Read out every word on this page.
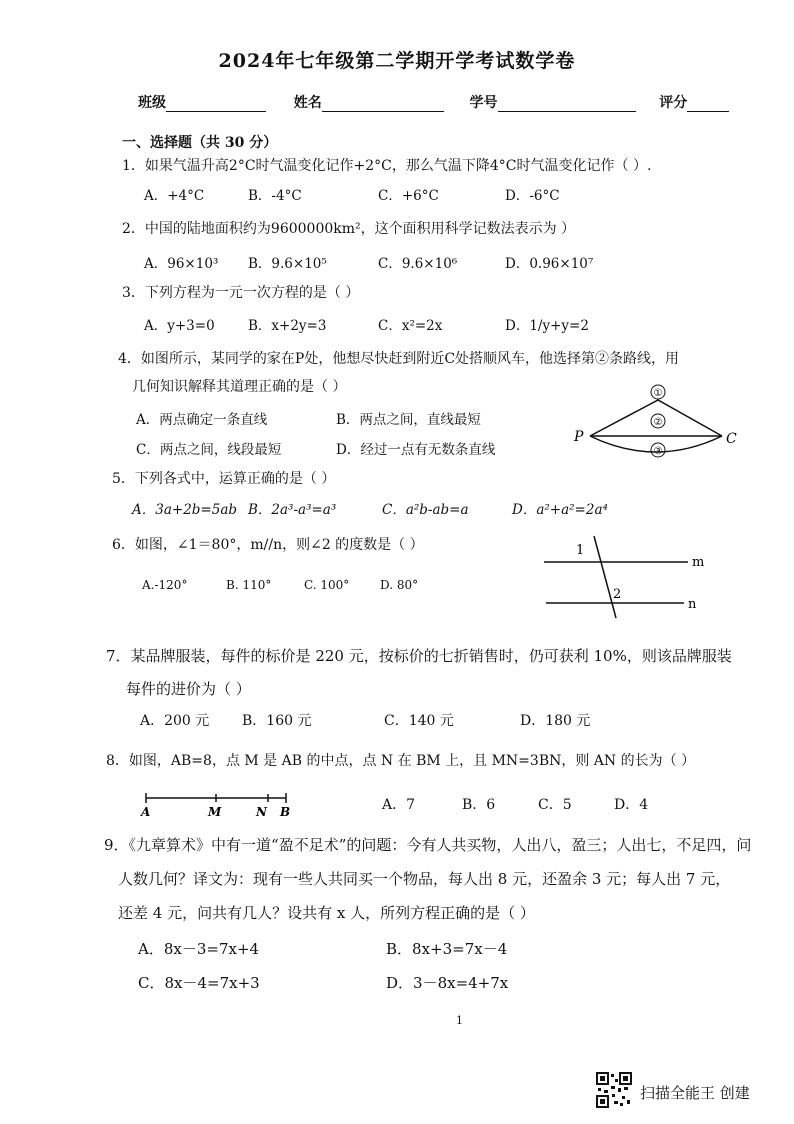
2024年七年级第二学期开学考试数学卷
班级	姓名	学号	评分
一、选择题（共 30 分）
1．如果气温升高2°C时气温变化记作+2°C，那么气温下降4°C时气温变化记作（ ）.
A．+4°C	B．-4°C	C．+6°C	D．-6°C
2．中国的陆地面积约为9600000km²，这个面积用科学记数法表示为 ）
A．96×10³ B．9.6×10⁵	C．9.6×10⁶	D．0.96×10⁷
3．下列方程为一元一次方程的是（ ）
A．y+3=0 B．x+2y=3	C．x²=2x	D．1/y+y=2
4．如图所示，某同学的家在P处，他想尽快赶到附近C处搭顺风车，他选择第②条路线，用
几何知识解释其道理正确的是（ ）
A．两点确定一条直线	B．两点之间，直线最短
C．两点之间，线段最短	D．经过一点有无数条直线
①
②
③
P	C
5．下列各式中，运算正确的是（ ）
A．3a+2b=5ab B．2a³-a³=a³	C．a²b-ab=a	D．a²+a²=2a⁴
6．如图，∠1＝80°，m//n，则∠2 的度数是（ ）
A.-120°	B. 110°	C. 100°	D. 80°
1
2
m
n
7．某品牌服装，每件的标价是 220 元，按标价的七折销售时，仍可获利 10%，则该品牌服装
每件的进价为（ ）
A．200 元 B．160 元	C．140 元	D．180 元
8．如图，AB=8，点 M 是 AB 的中点，点 N 在 BM 上，且 MN=3BN，则 AN 的长为（ ）
A	M	N B	A．7	B．6	C．5	D．4
9．《九章算术》中有一道“盈不足术”的问题：今有人共买物，人出八，盈三；人出七，不足四，问
人数几何？译文为：现有一些人共同买一个物品，每人出 8 元，还盈余 3 元；每人出 7 元，
还差 4 元，问共有几人？设共有 x 人，所列方程正确的是（ ）
A．8x－3=7x+4	B．8x+3=7x－4
C．8x－4=7x+3	D．3－8x=4+7x
1
扫描全能王 创建
